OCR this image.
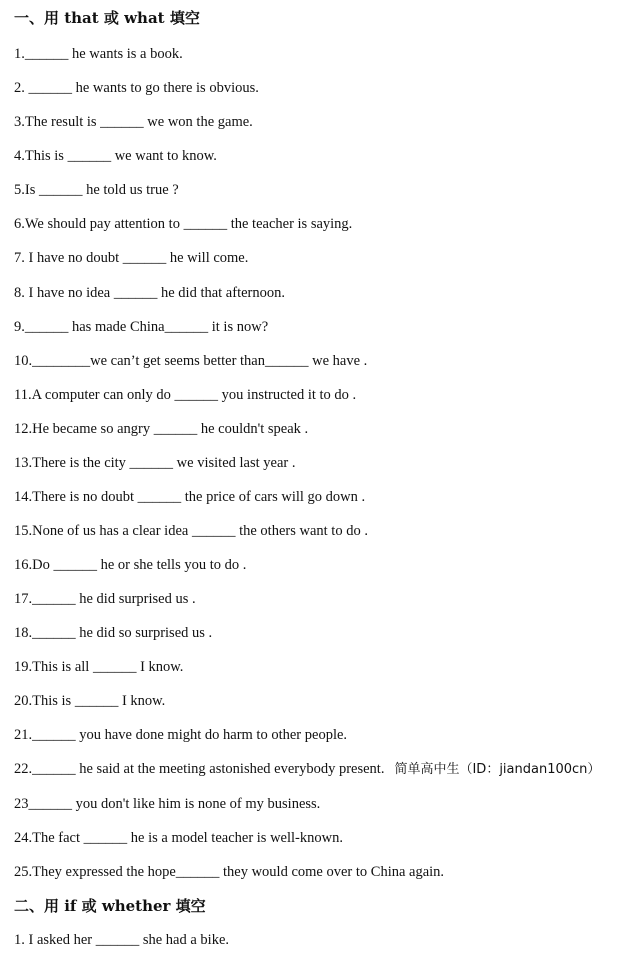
一、用 that 或 what 填空
1.______ he wants is a book.
2. ______ he wants to go there is obvious.
3.The result is ______ we won the game.
4.This is ______ we want to know.
5.Is ______ he told us true ?
6.We should pay attention to ______ the teacher is saying.
7. I have no doubt ______ he will come.
8. I have no idea ______ he did that afternoon.
9.______ has made China______ it is now?
10.________we can’t get seems better than______ we have .
11.A computer can only do ______ you instructed it to do .
12.He became so angry ______ he couldn't speak .
13.There is the city ______ we visited last year .
14.There is no doubt ______ the price of cars will go down .
15.None of us has a clear idea ______ the others want to do .
16.Do ______ he or she tells you to do .
17.______ he did surprised us .
18.______ he did so surprised us .
19.This is all ______ I know.
20.This is ______ I know.
21.______ you have done might do harm to other people.
22.______ he said at the meeting astonished everybody present. 简单高中生（ID：jiandan100cn）
23______ you don't like him is none of my business.
24.The fact ______ he is a model teacher is well-known.
25.They expressed the hope______ they would come over to China again.
二、用 if 或 whether 填空
1. I asked her ______ she had a bike.
